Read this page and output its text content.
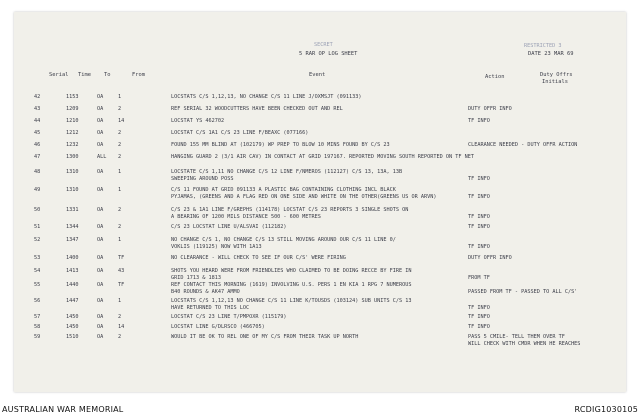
SECRET	RESTRICTED 3
5 RAR OP LOG SHEET	DATE 23 MAR 69
Serial Time To	From	Event	Action	Duty Offrs
Initials
42	1153	OA	1	LOCSTATS C/S 1,12,13, NO CHANGE C/S 11 LINE J/OXMSJT (091133)
43	1209	OA	2	REF SERIAL 32 WOODCUTTERS HAVE BEEN CHECKED OUT AND REL	DUTY OFFR INFO
44	1210	OA	14	LOCSTAT YS 462702	TF INFO
45	1212	OA	2	LOCSTAT C/S 1A1 C/S 23 LINE F/BEAXC (077166)
46	1232	OA	2	FOUND 155 MM BLIND AT (102179) WP PREP TO BLOW 10 MINS FOUND BY C/S 23	CLEARANCE NEEDED - DUTY OFFR ACTION
47	1300	ALL 2	HANGING GUARD 2 (3/1 AIR CAV) IN CONTACT AT GRID 197167. REPORTED MOVING SOUTH REPORTED ON TF NET
48	1310	OA	1	LOCSTATE C/S 1,11 NO CHANGE C/S 12 LINE F/NMEROS (112127) C/S 13, 13A, 13B
SWEEPING AROUND POSS	TF INFO
49	1310	OA	1	C/S 11 FOUND AT GRID 091133 A PLASTIC BAG CONTAINING CLOTHING INCL BLACK
PYJAMAS, (GREENS AND A FLAG RED ON ONE SIDE AND WHITE ON THE OTHER(GREENS US OR ARVN)	TF INFO
50	1331	OA	2	C/S 23 & 1A1 LINE F/GREPHS (114178) LOCSTAT C/S 23 REPORTS 3 SINGLE SHOTS ON
A BEARING OF 1200 MILS DISTANCE 500 - 600 METRES	TF INFO
51	1344	OA	2	C/S 23 LOCSTAT LINE U/ALSVAI (112182)	TF INFO
52	1347	OA	1	NO CHANGE C/S 1, NO CHANGE C/S 13 STILL MOVING AROUND OUR C/S 11 LINE 0/
VOKLIS (119125) NOW WITH 1A13	TF INFO
53	1400	OA	TF	NO CLEARANCE - WILL CHECK TO SEE IF OUR C/S' WERE FIRING	DUTY OFFR INFO
54	1413	OA	43	SHOTS YOU HEARD WERE FROM FRIENDLIES WHO CLAIMED TO BE DOING RECCE BY FIRE IN
GRID 1713 & 1813	FROM TF
55	1440	OA	TF	REF CONTACT THIS MORNING (1619) INVOLVING U.S. PERS 1 EN KIA 1 RPG 7 NUMEROUS
B40 ROUNDS & AK47 AMMO	PASSED FROM TF - PASSED TO ALL C/S'
56	1447	OA	1	LOCSTATS C/S 1,12,13 NO CHANGE C/S 11 LINE K/TOUSDS (103124) SUB UNITS C/S 13
HAVE RETURNED TO THIS LOC	TF INFO
57	1450	OA	2	LOCSTAT C/S 23 LINE T/PMPOXR (115179)	TF INFO
58	1450	OA	14	LOCSTAT LINE G/DLRSCO (466705)	TF INFO
59	1510	OA	2	WOULD IT BE OK TO REL ONE OF MY C/S FROM THEIR TASK UP NORTH	PASS 5 CMILE- TELL THEM OVER TF
WILL CHECK WITH CMDR WHEN HE REACHES
AUSTRALIAN WAR MEMORIAL	RCDIG1030105
